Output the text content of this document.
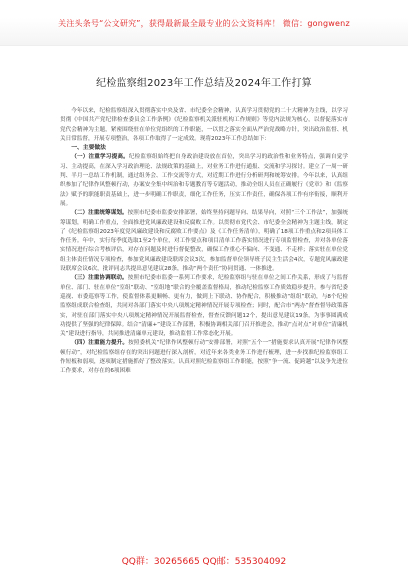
关注头条号“公文研究”，获得最新最全最专业的公文资料库！ 微信：gongwenz
纪检监察组2023年工作总结及2024年工作打算

今年以来，纪检监察组深入贯彻落实中央及省、市纪委全会精神，认真学习贯彻党的二十大精神为主线，以学习贯彻《中国共产党纪律检查委员会工作条例》《纪检监察机关派驻机构工作规则》等党内法规为核心，以督促落实市党代会精神为主题，紧密围绕驻在单位党组织的工作职能，一以贯之落实全面从严治党战略方针，突出政治监督、机关日常监督，开展专项整治，各项工作取得了一定成效。现将2023年工作总结如下：

一、主要做法

（一）注重学习提高。纪检监察组始终把自身政治建设放在首位，突出学习的政治性和业务特点，强调自觉学习、主动提高，在深入学习政治理论、法规政策的基础上，对业务工作进行通报、交流和学习探讨。建立了一周一研判、半月一总结工作机制，通过组务会、工作交流等方式，对近期工作进行分析研判和统筹安排。今年以来，认真组织参加了纪律作风整顿行动，办案安全集中纠治和专题教育等专题活动，推动全组人员在正确履行《党章》和《监察法》赋予的职能职责基础上，进一步明确工作职责，细化工作任务，压实工作责任，确保各项工作有序衔接，顺利开展。

（二）注重统筹谋划。按照市纪委市监委安排部署，始终坚持问题导向、结果导向，对照“三个工作法”，加强统筹谋划，明确工作重点，全面推进党风廉政建设和反腐败工作。以贯彻市党代会、市纪委全会精神为主题主线，制定了《纪检监察组2023年度党风廉政建设和反腐败工作要点》及《工作任务清单》，明确了18项工作重点和2项具体工作任务。年中，实行每季度选取1至2个单位，对工作要点和项目清单工作落实情况进行专项监督检查，并对各单位落实情况进行综合考核评估，对存在问题及时进行督促整改，确保工作重心不偏向、不变通、不走样；落实驻在单位党组主体责任情况专项检查，参加党风廉政建设联席会议3次，参加监督单位领导班子民主生活会4次，专题党风廉政建设联席会议6次，批评同志共提出意见建议28条，推动“两个责任”协同贯通、一体推进。

（三）注重协调联动。按照市纪委市监委一系列工作要求，纪检监察组与驻在单位之间工作关系，形成了与监督单位、部门、驻在单位“室组”联动、“室组地”联合的全覆盖监督格局，推动纪检监察工作质效稳步提升。参与省纪委巡视、市委巡察等工作，使监督体系更顺畅、更有力，做到上下联动、协作配合，积极推动“组组”联动，与8个纪检监察组成联合检查组，共同对各部门落实中央八项规定精神情况开展专项检查；同时，配合市“两办”督查督导政策落实，对驻在部门落实中央八项规定精神情况开展监督检查，督查反馈问题12个，提出意见建议19条，为事事圆满成功提供了坚强的纪律保障。结合“清廉+”建设工作部署，积极协调相关部门召开推进会，推动“点对点”对单位“清廉机关”建设进行指导，共同推进清廉单元建设，推动监督工作常态化开展。

（四）注重能力提升。按照委机关“纪律作风整顿行动”安排部署，对照“五个一”措施要求认真开展“纪律作风整顿行动”，对纪检监察组存在的突出问题进行深入剖析，对近年来各类业务工作进行梳理，进一步找准纪检监察组工作短板和弱项，逐项制定措施抓好了整改落实。认真对照纪检监察组工作职能，按照“争一流、促跨越”以及争先进位工作要求，对存在的6项困难

QQ群：30265665 QQ邮：535304092
